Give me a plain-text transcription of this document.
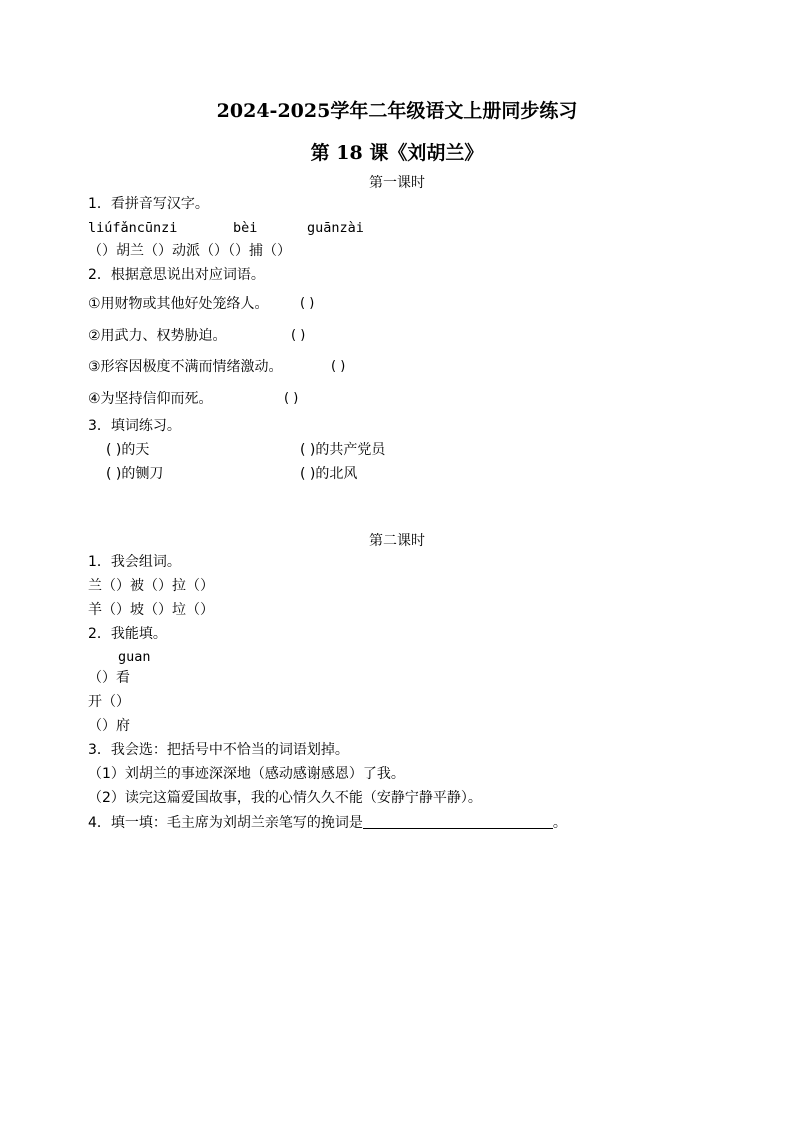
2024-2025学年二年级语文上册同步练习
第 18 课《刘胡兰》
第一课时
1．看拼音写汉字。
liúfǎncūnzi	bèi	guānzài
（）胡兰（）动派（）（）捕（）
2．根据意思说出对应词语。
①用财物或其他好处笼络人。 ( )
②用武力、权势胁迫。	( )
③形容因极度不满而情绪激动。	( )
④为坚持信仰而死。	( )
3．填词练习。
( )的天	( )的共产党员
( )的铡刀	( )的北风
第二课时
1．我会组词。
兰（）被（）拉（）
羊（）坡（）垃（）
2．我能填。
guan
（）看
开（）
（）府
3．我会选：把括号中不恰当的词语划掉。
（1）刘胡兰的事迹深深地（感动感谢感恩）了我。
（2）读完这篇爱国故事，我的心情久久不能（安静宁静平静）。
4．填一填：毛主席为刘胡兰亲笔写的挽词是	。
